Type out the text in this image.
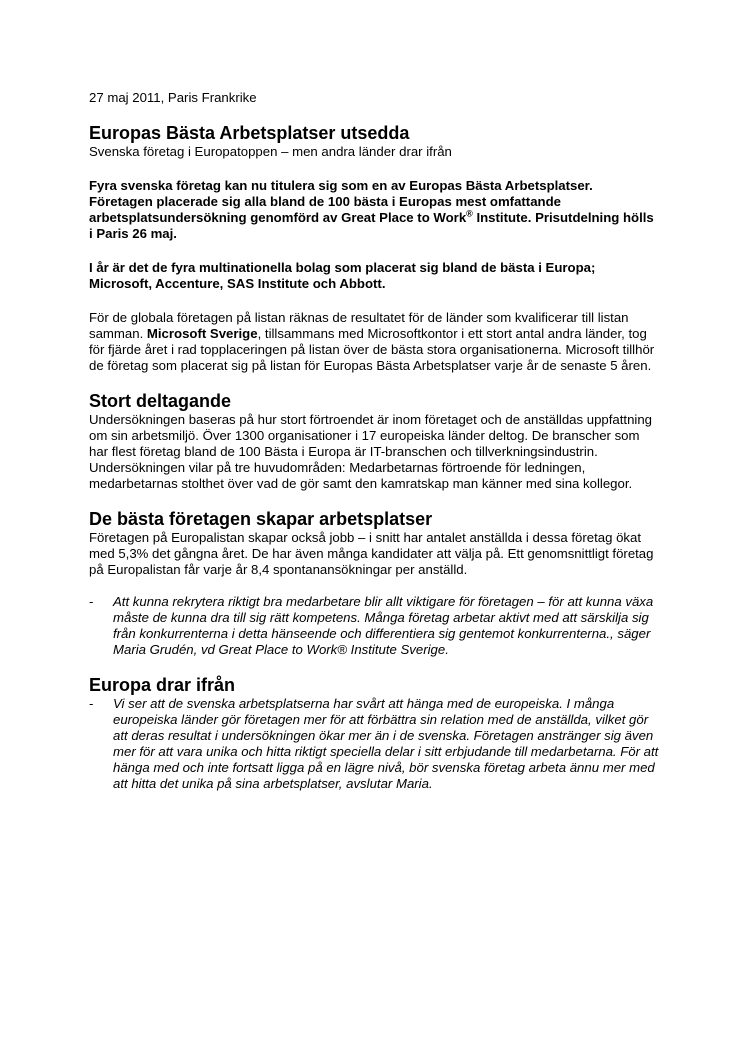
27 maj 2011, Paris Frankrike
Europas Bästa Arbetsplatser utsedda
Svenska företag i Europatoppen – men andra länder drar ifrån
Fyra svenska företag kan nu titulera sig som en av Europas Bästa Arbetsplatser. Företagen placerade sig alla bland de 100 bästa i Europas mest omfattande arbetsplatsundersökning genomförd av Great Place to Work® Institute. Prisutdelning hölls i Paris 26 maj.
I år är det de fyra multinationella bolag som placerat sig bland de bästa i Europa; Microsoft, Accenture, SAS Institute och Abbott.

För de globala företagen på listan räknas de resultatet för de länder som kvalificerar till listan samman. Microsoft Sverige, tillsammans med Microsoftkontor i ett stort antal andra länder, tog för fjärde året i rad topplaceringen på listan över de bästa stora organisationerna. Microsoft tillhör de företag som placerat sig på listan för Europas Bästa Arbetsplatser varje år de senaste 5 åren.

Stort deltagande

Undersökningen baseras på hur stort förtroendet är inom företaget och de anställdas uppfattning om sin arbetsmiljö. Över 1300 organisationer i 17 europeiska länder deltog. De branscher som har flest företag bland de 100 Bästa i Europa är IT-branschen och tillverkningsindustrin. Undersökningen vilar på tre huvudområden: Medarbetarnas förtroende för ledningen, medarbetarnas stolthet över vad de gör samt den kamratskap man känner med sina kollegor.

De bästa företagen skapar arbetsplatser

Företagen på Europalistan skapar också jobb – i snitt har antalet anställda i dessa företag ökat med 5,3% det gångna året. De har även många kandidater att välja på. Ett genomsnittligt företag på Europalistan får varje år 8,4 spontanansökningar per anställd.

- Att kunna rekrytera riktigt bra medarbetare blir allt viktigare för företagen – för att kunna växa måste de kunna dra till sig rätt kompetens. Många företag arbetar aktivt med att särskilja sig från konkurrenterna i detta hänseende och differentiera sig gentemot konkurrenterna., säger Maria Grudén, vd Great Place to Work® Institute Sverige.
Europa drar ifrån
- Vi ser att de svenska arbetsplatserna har svårt att hänga med de europeiska. I många europeiska länder gör företagen mer för att förbättra sin relation med de anställda, vilket gör att deras resultat i undersökningen ökar mer än i de svenska. Företagen anstränger sig även mer för att vara unika och hitta riktigt speciella delar i sitt erbjudande till medarbetarna. För att hänga med och inte fortsatt ligga på en lägre nivå, bör svenska företag arbeta ännu mer med att hitta det unika på sina arbetsplatser, avslutar Maria.
